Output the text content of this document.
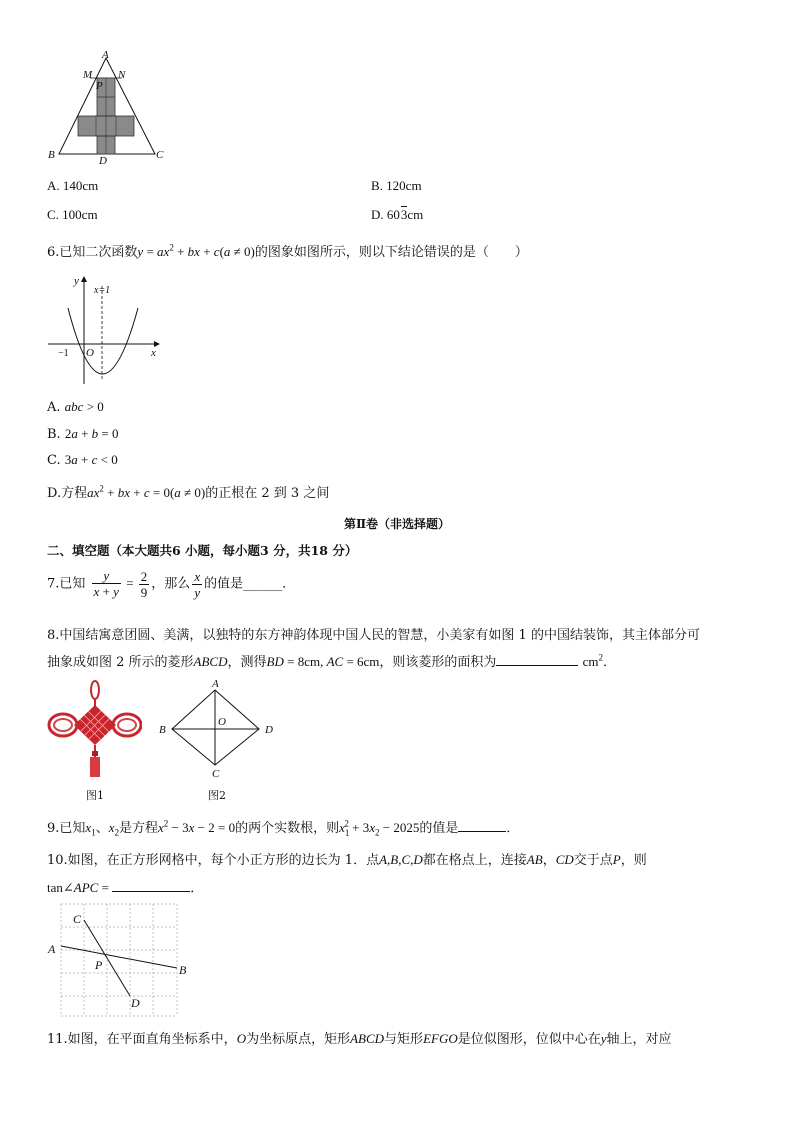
A
M N
P
B	C
D
A. 140cm	B. 120cm
C. 100cm	D. 603cm
6.已知二次函数$y = ax^2$ + bx + c(a ≠ 0)的图象如图所示，则以下结论错误的是（　　）
y
x
O
−1
x=1
A. abc > 0
B. 2a + b = 0
C. 3a + c < 0
D.方程$ax^2$ + bx + c = 0(a ≠ 0)的正根在 2 到 3 之间
第Ⅱ卷（非选择题）
二、填空题（本大题共6 小题，每小题3 分，共18 分）
7.已知 $\frac{y}{x + y} = \frac{2}{9}$ ，那么 $\frac{x}{y}$ 的值是______．
8.中国结寓意团圆、美满，以独特的东方神韵体现中国人民的智慧，小美家有如图 1 的中国结装饰，其主体部分可
抽象成如图 2 所示的菱形ABCD，测得BD = 8cm, AC = 6cm，则该菱形的面积为	$cm^2$．
图1
A
B	D
C
O
图2
9.已知$x_1$、$x_2$是方程$x^2 - 3x - 2 = 0$的两个实数根，则$x_1^2 + 3x_2 - 2025$的值是	．
10.如图，在正方形网格中，每个小正方形的边长为 1．点A,B,C,D都在格点上，连接AB，CD交于点P，则
tan∠APC =	．
C
A
P	B
D
11.如图，在平面直角坐标系中，O为坐标原点，矩形ABCD与矩形EFGO是位似图形，位似中心在y轴上，对应
